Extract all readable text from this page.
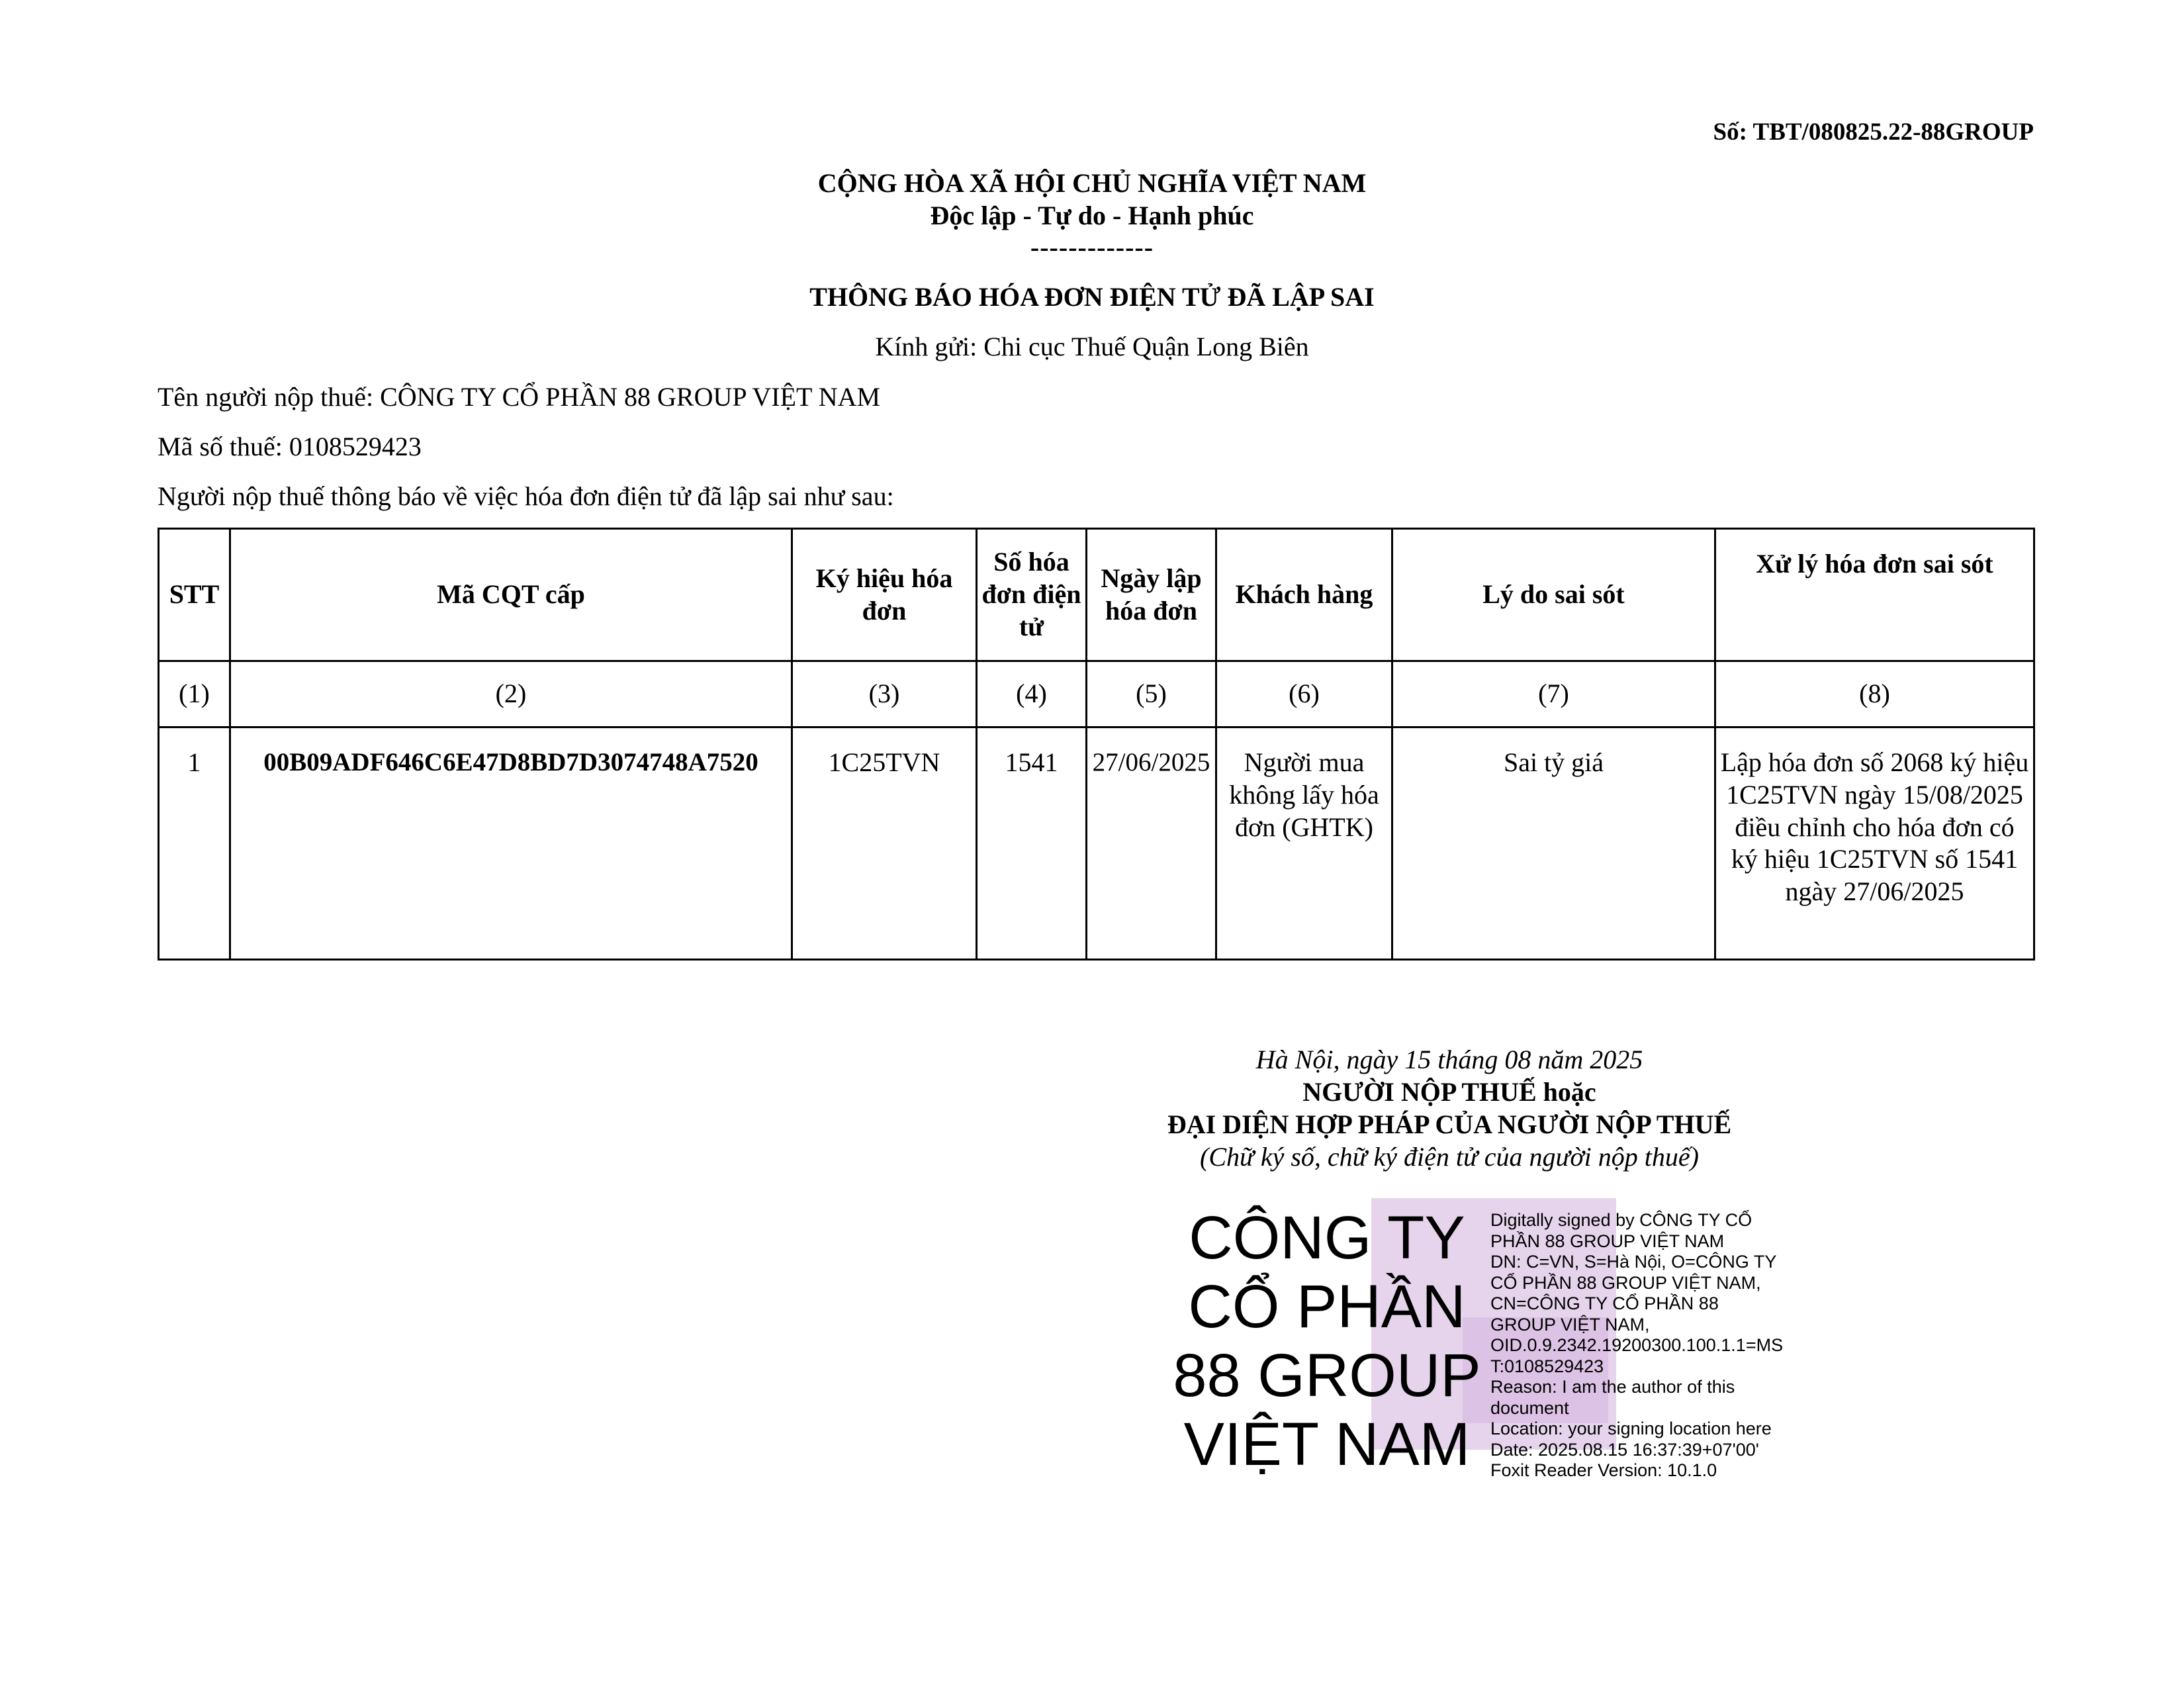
Số: TBT/080825.22-88GROUP
CỘNG HÒA XÃ HỘI CHỦ NGHĨA VIỆT NAM
Độc lập - Tự do - Hạnh phúc
-------------
THÔNG BÁO HÓA ĐƠN ĐIỆN TỬ ĐÃ LẬP SAI
Kính gửi: Chi cục Thuế Quận Long Biên
Tên người nộp thuế: CÔNG TY CỔ PHẦN 88 GROUP VIỆT NAM
Mã số thuế: 0108529423
Người nộp thuế thông báo về việc hóa đơn điện tử đã lập sai như sau:
STT	Mã CQT cấp	Ký hiệu hóa đơn	Số hóa đơn điện tử	Ngày lập hóa đơn	Khách hàng	Lý do sai sót	Xử lý hóa đơn sai sót
(1)	(2)	(3)	(4)	(5)	(6)	(7)	(8)
1	00B09ADF646C6E47D8BD7D3074748A7520	1C25TVN	1541	27/06/2025	Người mua không lấy hóa đơn (GHTK)	Sai tỷ giá	Lập hóa đơn số 2068 ký hiệu 1C25TVN ngày 15/08/2025 điều chỉnh cho hóa đơn có ký hiệu 1C25TVN số 1541 ngày 27/06/2025
Hà Nội, ngày 15 tháng 08 năm 2025
NGƯỜI NỘP THUẾ hoặc
ĐẠI DIỆN HỢP PHÁP CỦA NGƯỜI NỘP THUẾ
(Chữ ký số, chữ ký điện tử của người nộp thuế)
CÔNG TY
CỔ PHẦN
88 GROUP
VIỆT NAM
Digitally signed by CÔNG TY CỔ
PHẦN 88 GROUP VIỆT NAM
DN: C=VN, S=Hà Nội, O=CÔNG TY
CỔ PHẦN 88 GROUP VIỆT NAM,
CN=CÔNG TY CỔ PHẦN 88
GROUP VIỆT NAM,
OID.0.9.2342.19200300.100.1.1=MS
T:0108529423
Reason: I am the author of this
document
Location: your signing location here
Date: 2025.08.15 16:37:39+07'00'
Foxit Reader Version: 10.1.0
